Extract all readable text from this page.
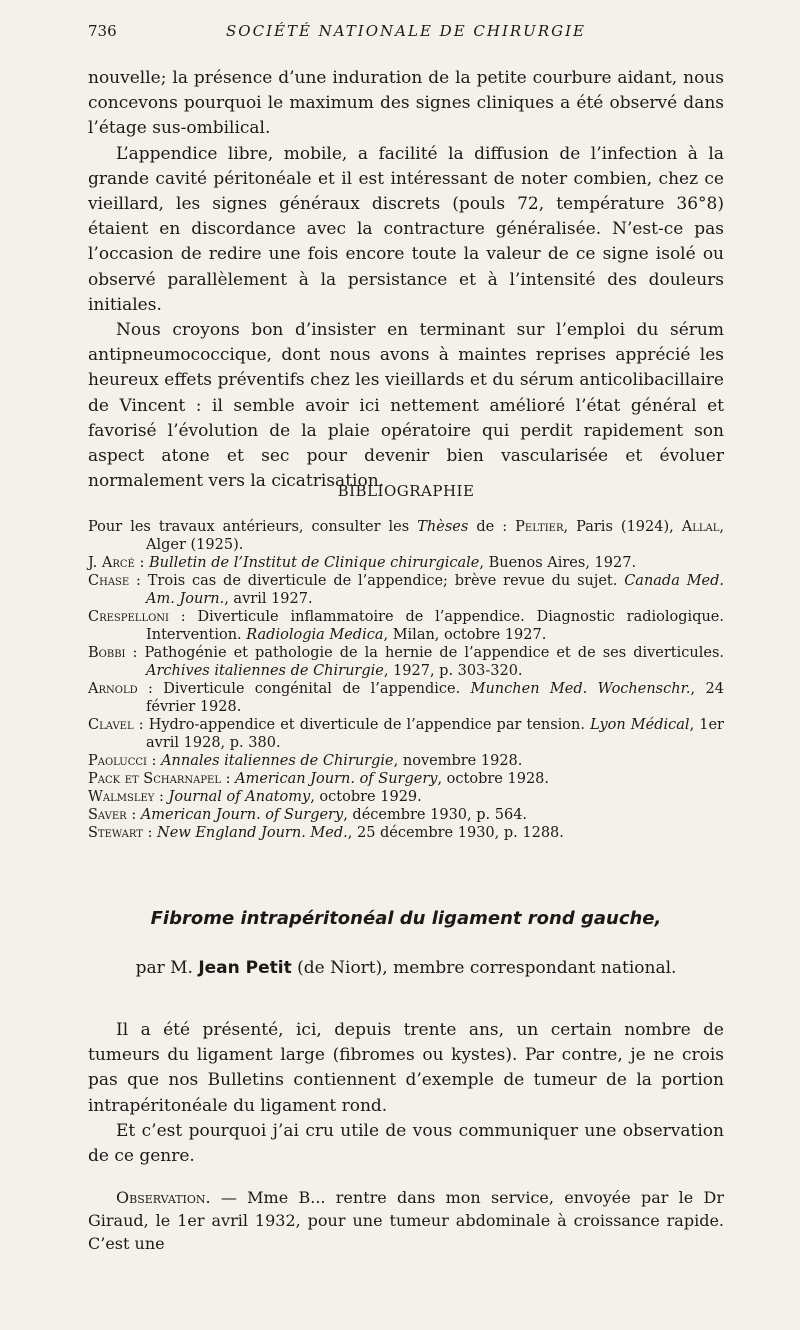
736	SOCIÉTÉ NATIONALE DE CHIRURGIE

nouvelle; la présence d’une induration de la petite courbure aidant, nous concevons pourquoi le maximum des signes cliniques a été observé dans l’étage sus-ombilical.

L’appendice libre, mobile, a facilité la diffusion de l’infection à la grande cavité péritonéale et il est intéressant de noter combien, chez ce vieillard, les signes généraux discrets (pouls 72, température 36°8) étaient en discordance avec la contracture généralisée. N’est-ce pas l’occasion de redire une fois encore toute la valeur de ce signe isolé ou observé parallèlement à la persistance et à l’intensité des douleurs initiales.

Nous croyons bon d’insister en terminant sur l’emploi du sérum antipneumococcique, dont nous avons à maintes reprises apprécié les heureux effets préventifs chez les vieillards et du sérum anticolibacillaire de Vincent : il semble avoir ici nettement amélioré l’état général et favorisé l’évolution de la plaie opératoire qui perdit rapidement son aspect atone et sec pour devenir bien vascularisée et évoluer normalement vers la cicatrisation.

BIBLIOGRAPHIE
Pour les travaux antérieurs, consulter les Thèses de : Peltier, Paris (1924), Allal, Alger (1925).
J. Arcé : Bulletin de l’Institut de Clinique chirurgicale, Buenos Aires, 1927.
Chase : Trois cas de diverticule de l’appendice; brève revue du sujet. Canada Med. Am. Journ., avril 1927.
Crespelloni : Diverticule inflammatoire de l’appendice. Diagnostic radiologique. Intervention. Radiologia Medica, Milan, octobre 1927.
Bobbi : Pathogénie et pathologie de la hernie de l’appendice et de ses diverticules. Archives italiennes de Chirurgie, 1927, p. 303-320.
Arnold : Diverticule congénital de l’appendice. Munchen Med. Wochenschr., 24 février 1928.
Clavel : Hydro-appendice et diverticule de l’appendice par tension. Lyon Médical, 1er avril 1928, p. 380.
Paolucci : Annales italiennes de Chirurgie, novembre 1928.
Pack et Scharnapel : American Journ. of Surgery, octobre 1928.
Walmsley : Journal of Anatomy, octobre 1929.
Saver : American Journ. of Surgery, décembre 1930, p. 564.
Stewart : New England Journ. Med., 25 décembre 1930, p. 1288.
Fibrome intrapéritonéal du ligament rond gauche,
par M. Jean Petit (de Niort), membre correspondant national.

Il a été présenté, ici, depuis trente ans, un certain nombre de tumeurs du ligament large (fibromes ou kystes). Par contre, je ne crois pas que nos Bulletins contiennent d’exemple de tumeur de la portion intrapéritonéale du ligament rond.

Et c’est pourquoi j’ai cru utile de vous communiquer une observation de ce genre.

Observation. — Mme B... rentre dans mon service, envoyée par le Dr Giraud, le 1er avril 1932, pour une tumeur abdominale à croissance rapide. C’est une
